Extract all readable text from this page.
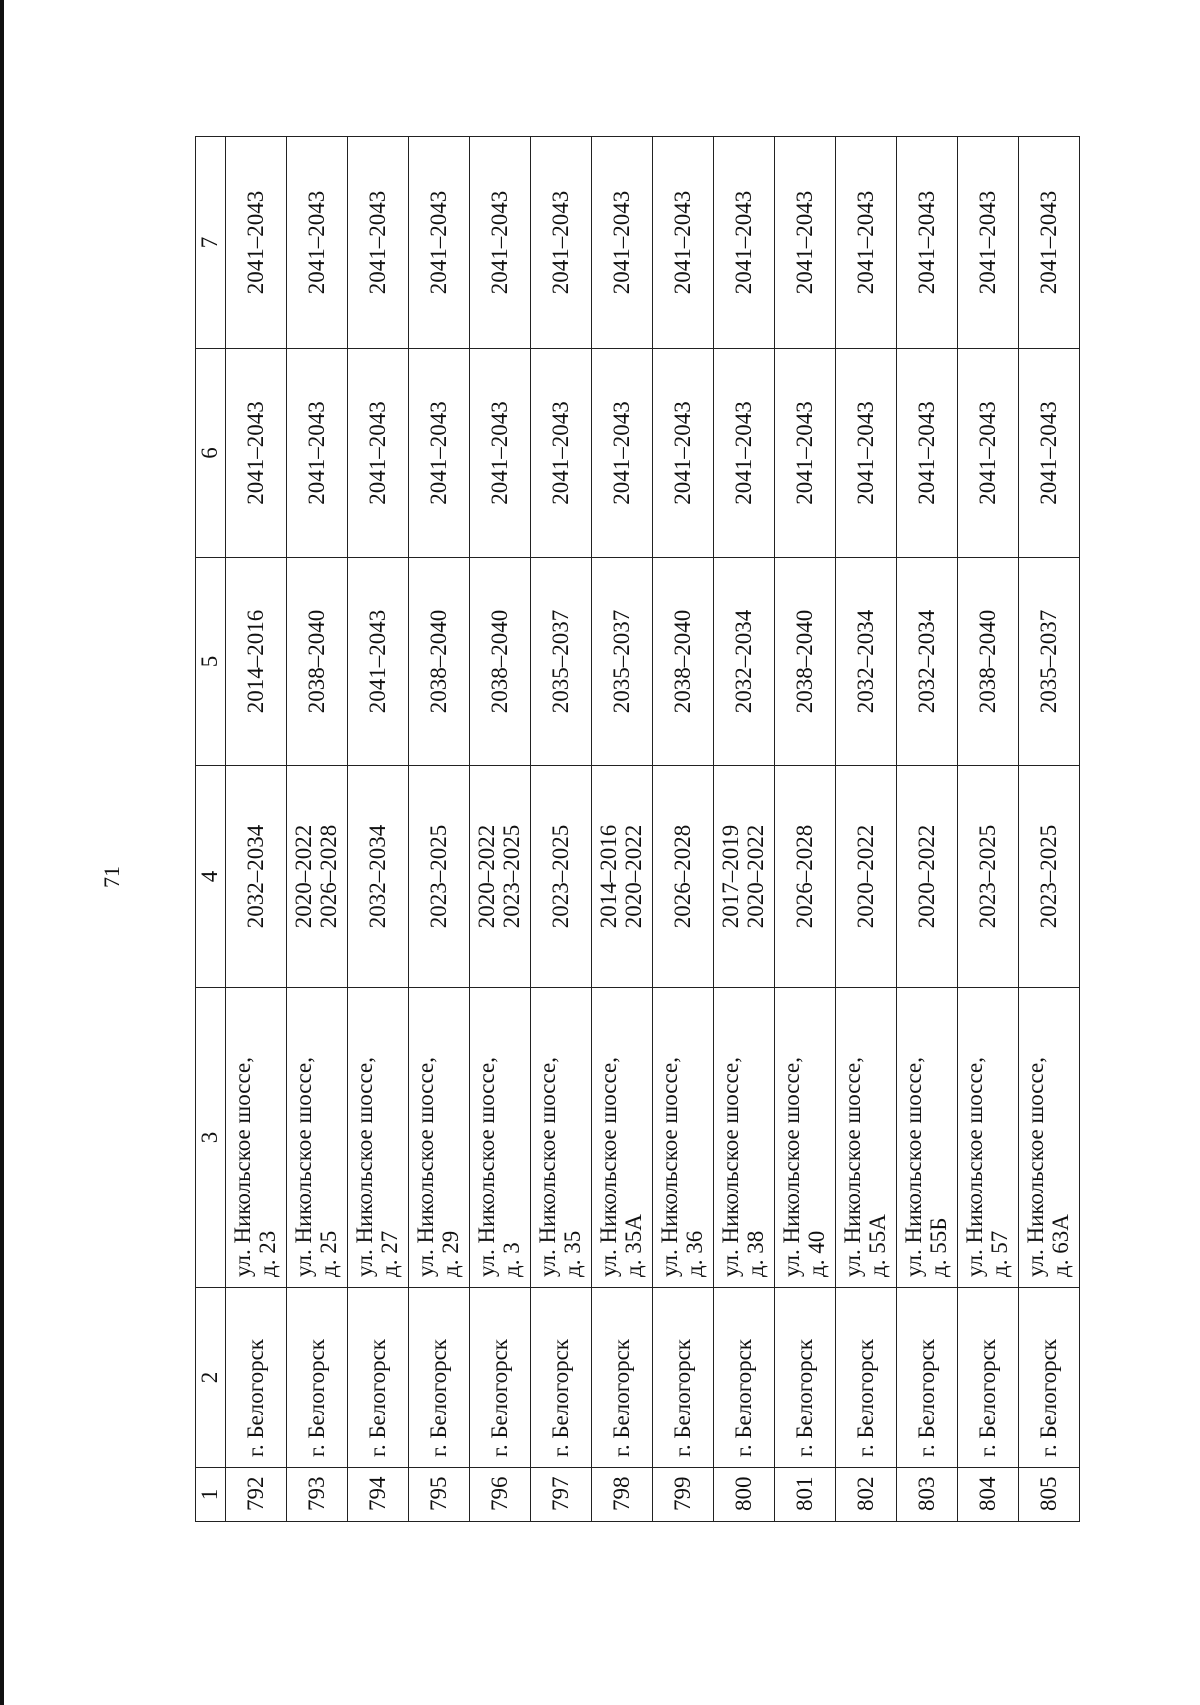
71
1	2	3	4	5	6	7
792	г. Белогорск	ул. Никольское шоссе, д. 23	2032–2034	2014–2016	2041–2043	2041–2043
793	г. Белогорск	ул. Никольское шоссе, д. 25	2020–2022 2026–2028	2038–2040	2041–2043	2041–2043
794	г. Белогорск	ул. Никольское шоссе, д. 27	2032–2034	2041–2043	2041–2043	2041–2043
795	г. Белогорск	ул. Никольское шоссе, д. 29	2023–2025	2038–2040	2041–2043	2041–2043
796	г. Белогорск	ул. Никольское шоссе, д. 3	2020–2022 2023–2025	2038–2040	2041–2043	2041–2043
797	г. Белогорск	ул. Никольское шоссе, д. 35	2023–2025	2035–2037	2041–2043	2041–2043
798	г. Белогорск	ул. Никольское шоссе, д. 35А	2014–2016 2020–2022	2035–2037	2041–2043	2041–2043
799	г. Белогорск	ул. Никольское шоссе, д. 36	2026–2028	2038–2040	2041–2043	2041–2043
800	г. Белогорск	ул. Никольское шоссе, д. 38	2017–2019 2020–2022	2032–2034	2041–2043	2041–2043
801	г. Белогорск	ул. Никольское шоссе, д. 40	2026–2028	2038–2040	2041–2043	2041–2043
802	г. Белогорск	ул. Никольское шоссе, д. 55А	2020–2022	2032–2034	2041–2043	2041–2043
803	г. Белогорск	ул. Никольское шоссе, д. 55Б	2020–2022	2032–2034	2041–2043	2041–2043
804	г. Белогорск	ул. Никольское шоссе, д. 57	2023–2025	2038–2040	2041–2043	2041–2043
805	г. Белогорск	ул. Никольское шоссе, д. 63А	2023–2025	2035–2037	2041–2043	2041–2043
